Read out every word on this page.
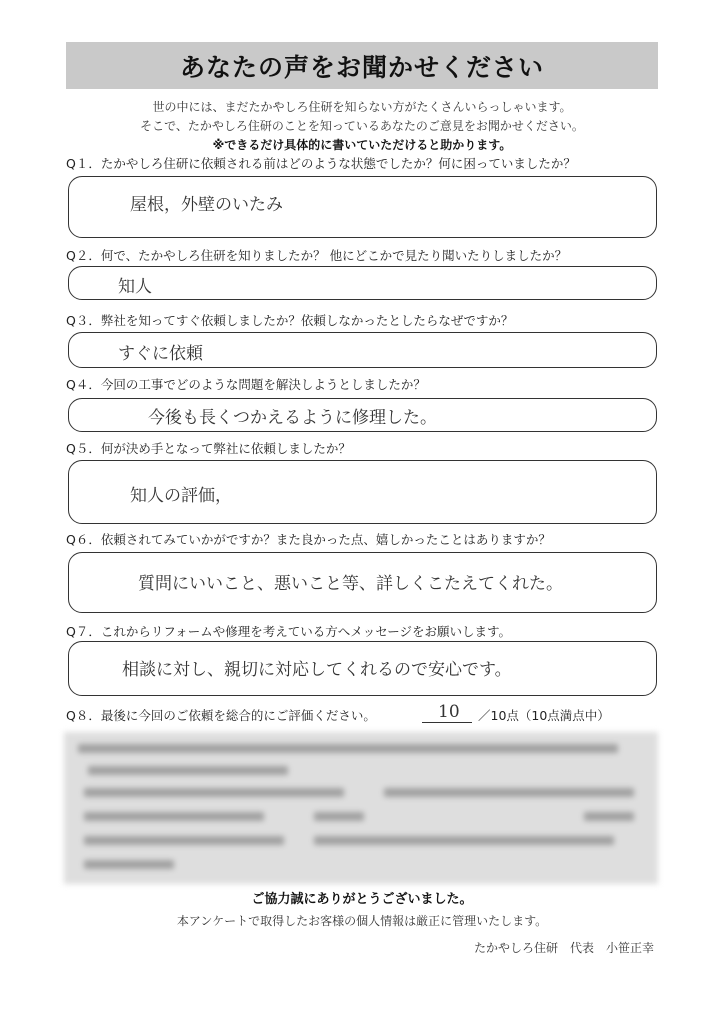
あなたの声をお聞かせください
世の中には、まだたかやしろ住研を知らない方がたくさんいらっしゃいます。
そこで、たかやしろ住研のことを知っているあなたのご意見をお聞かせください。
※できるだけ具体的に書いていただけると助かります。
Q１．たかやしろ住研に依頼される前はどのような状態でしたか？何に困っていましたか？
屋根，外壁のいたみ
Q２．何で、たかやしろ住研を知りましたか？ 他にどこかで見たり聞いたりしましたか？
知人
Q３．弊社を知ってすぐ依頼しましたか？依頼しなかったとしたらなぜですか？
すぐに依頼
Q４．今回の工事でどのような問題を解決しようとしましたか？
今後も長くつかえるように修理した。
Q５．何が決め手となって弊社に依頼しましたか？
知人の評価，
Q６．依頼されてみていかがですか？また良かった点、嬉しかったことはありますか？
質問にいいこと、悪いこと等、詳しくこたえてくれた。
Q７．これからリフォームや修理を考えている方へメッセージをお願いします。
相談に対し、親切に対応してくれるので安心です。
Q８．最後に今回のご依頼を総合的にご評価ください。	10 ／10点（10点満点中）
ご協力誠にありがとうございました。
本アンケートで取得したお客様の個人情報は厳正に管理いたします。
たかやしろ住研　代表　小笹正幸
